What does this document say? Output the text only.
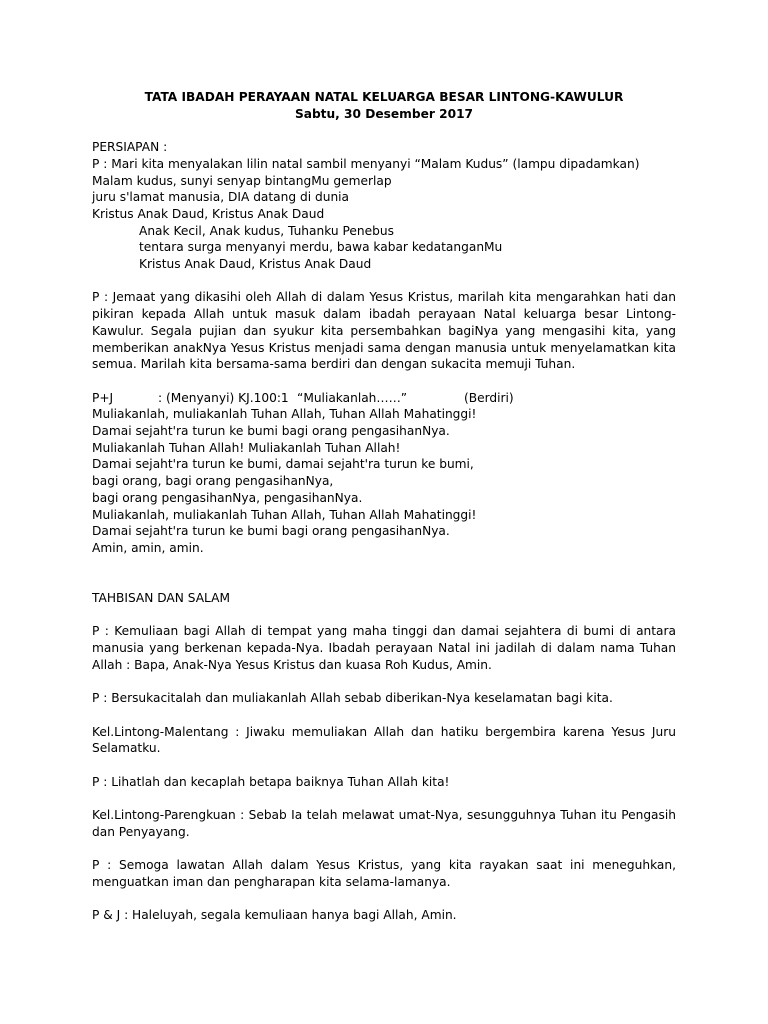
TATA IBADAH PERAYAAN NATAL KELUARGA BESAR LINTONG-KAWULUR

Sabtu, 30 Desember 2017

PERSIAPAN :

P : Mari kita menyalakan lilin natal sambil menyanyi “Malam Kudus” (lampu dipadamkan)

Malam kudus, sunyi senyap bintangMu gemerlap

juru s'lamat manusia, DIA datang di dunia

Kristus Anak Daud, Kristus Anak Daud

Anak Kecil, Anak kudus, Tuhanku Penebus

tentara surga menyanyi merdu, bawa kabar kedatanganMu

Kristus Anak Daud, Kristus Anak Daud

P : Jemaat yang dikasihi oleh Allah di dalam Yesus Kristus, marilah kita mengarahkan hati dan pikiran kepada Allah untuk masuk dalam ibadah perayaan Natal keluarga besar Lintong-Kawulur. Segala pujian dan syukur kita persembahkan bagiNya yang mengasihi kita, yang memberikan anakNya Yesus Kristus menjadi sama dengan manusia untuk menyelamatkan kita semua. Marilah kita bersama-sama berdiri dan dengan sukacita memuji Tuhan.

P+J	: (Menyanyi) KJ.100:1 “Muliakanlah……”	(Berdiri)

Muliakanlah, muliakanlah Tuhan Allah, Tuhan Allah Mahatinggi!

Damai sejaht'ra turun ke bumi bagi orang pengasihanNya.

Muliakanlah Tuhan Allah! Muliakanlah Tuhan Allah!

Damai sejaht'ra turun ke bumi, damai sejaht'ra turun ke bumi,

bagi orang, bagi orang pengasihanNya,

bagi orang pengasihanNya, pengasihanNya.

Muliakanlah, muliakanlah Tuhan Allah, Tuhan Allah Mahatinggi!

Damai sejaht'ra turun ke bumi bagi orang pengasihanNya.

Amin, amin, amin.

TAHBISAN DAN SALAM

P : Kemuliaan bagi Allah di tempat yang maha tinggi dan damai sejahtera di bumi di antara manusia yang berkenan kepada-Nya. Ibadah perayaan Natal ini jadilah di dalam nama Tuhan Allah : Bapa, Anak-Nya Yesus Kristus dan kuasa Roh Kudus, Amin.

P : Bersukacitalah dan muliakanlah Allah sebab diberikan-Nya keselamatan bagi kita.

Kel.Lintong-Malentang : Jiwaku memuliakan Allah dan hatiku bergembira karena Yesus Juru Selamatku.

P : Lihatlah dan kecaplah betapa baiknya Tuhan Allah kita!

Kel.Lintong-Parengkuan : Sebab Ia telah melawat umat-Nya, sesungguhnya Tuhan itu Pengasih dan Penyayang.

P : Semoga lawatan Allah dalam Yesus Kristus, yang kita rayakan saat ini meneguhkan, menguatkan iman dan pengharapan kita selama-lamanya.

P & J : Haleluyah, segala kemuliaan hanya bagi Allah, Amin.
